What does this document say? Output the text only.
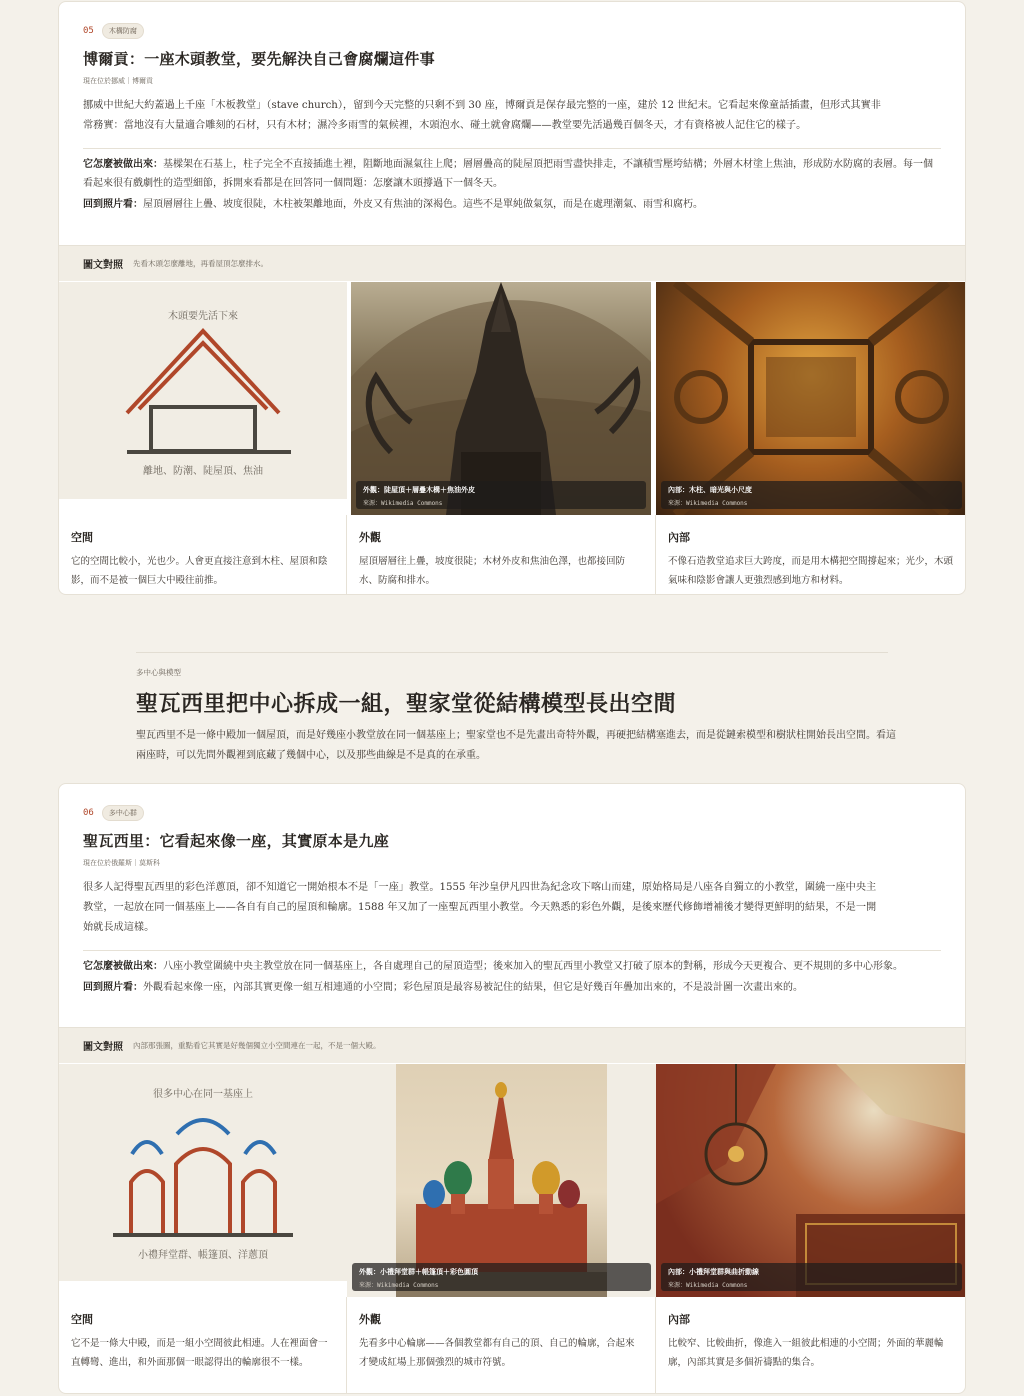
05	木構防腐
博爾貢：一座木頭教堂，要先解決自己會腐爛這件事
現在位於挪威｜博爾貢
挪威中世紀大約蓋過上千座「木板教堂」（stave church），留到今天完整的只剩不到 30 座，博爾貢是保存最完整的一座，建於 12 世紀末。它看起來像童話插畫，但形式其實非常務實：當地沒有大量適合雕刻的石材，只有木材；濕冷多雨雪的氣候裡，木頭泡水、碰土就會腐爛——教堂要先活過幾百個冬天，才有資格被人記住它的樣子。
它怎麼被做出來：基樑架在石基上，柱子完全不直接插進土裡，阻斷地面濕氣往上爬；層層疊高的陡屋頂把雨雪盡快排走，不讓積雪壓垮結構；外層木材塗上焦油，形成防水防腐的表層。每一個看起來很有戲劇性的造型細節，拆開來看都是在回答同一個問題：怎麼讓木頭撐過下一個冬天。
回到照片看：屋頂層層往上疊、坡度很陡，木柱被架離地面，外皮又有焦油的深褐色。這些不是單純做氣氛，而是在處理潮氣、雨雪和腐朽。
圖文對照 先看木頭怎麼離地，再看屋頂怎麼排水。
木頭要先活下來
離地、防潮、陡屋頂、焦油
外觀：陡屋頂＋層疊木構＋焦油外皮
來源：Wikimedia Commons
內部：木柱、暗光與小尺度
來源：Wikimedia Commons
空間
它的空間比較小，光也少。人會更直接注意到木柱、屋頂和陰影，而不是被一個巨大中殿往前推。
外觀
屋頂層層往上疊，坡度很陡；木材外皮和焦油色澤，也都接回防水、防腐和排水。
內部
不像石造教堂追求巨大跨度，而是用木構把空間撐起來；光少，木頭氣味和陰影會讓人更強烈感到地方和材料。
多中心與模型
聖瓦西里把中心拆成一組，聖家堂從結構模型長出空間
聖瓦西里不是一條中殿加一個屋頂，而是好幾座小教堂放在同一個基座上；聖家堂也不是先畫出奇特外觀，再硬把結構塞進去，而是從鏈索模型和樹狀柱開始長出空間。看這兩座時，可以先問外觀裡到底藏了幾個中心，以及那些曲線是不是真的在承重。
06	多中心群
聖瓦西里：它看起來像一座，其實原本是九座
現在位於俄羅斯｜莫斯科
很多人記得聖瓦西里的彩色洋蔥頂，卻不知道它一開始根本不是「一座」教堂。1555 年沙皇伊凡四世為紀念攻下喀山而建，原始格局是八座各自獨立的小教堂，圍繞一座中央主教堂，一起放在同一個基座上——各自有自己的屋頂和輪廓。1588 年又加了一座聖瓦西里小教堂。今天熟悉的彩色外觀，是後來歷代修飾增補後才變得更鮮明的結果，不是一開始就長成這樣。
它怎麼被做出來：八座小教堂圍繞中央主教堂放在同一個基座上，各自處理自己的屋頂造型；後來加入的聖瓦西里小教堂又打破了原本的對稱，形成今天更複合、更不規則的多中心形象。
回到照片看：外觀看起來像一座，內部其實更像一組互相連通的小空間；彩色屋頂是最容易被記住的結果，但它是好幾百年疊加出來的，不是設計圖一次畫出來的。
圖文對照 內部那張圖，重點看它其實是好幾個獨立小空間連在一起，不是一個大殿。
很多中心在同一基座上
小禮拜堂群、帳篷頂、洋蔥頂
外觀：小禮拜堂群＋帳篷頂＋彩色圓頂
來源：Wikimedia Commons
內部：小禮拜堂群與曲折動線
來源：Wikimedia Commons
空間
它不是一條大中殿，而是一組小空間彼此相連。人在裡面會一直轉彎、進出，和外面那個一眼認得出的輪廓很不一樣。
外觀
先看多中心輪廓——各個教堂都有自己的頂、自己的輪廓，合起來才變成紅場上那個強烈的城市符號。
內部
比較窄、比較曲折，像進入一組彼此相連的小空間；外面的華麗輪廓，內部其實是多個祈禱點的集合。
